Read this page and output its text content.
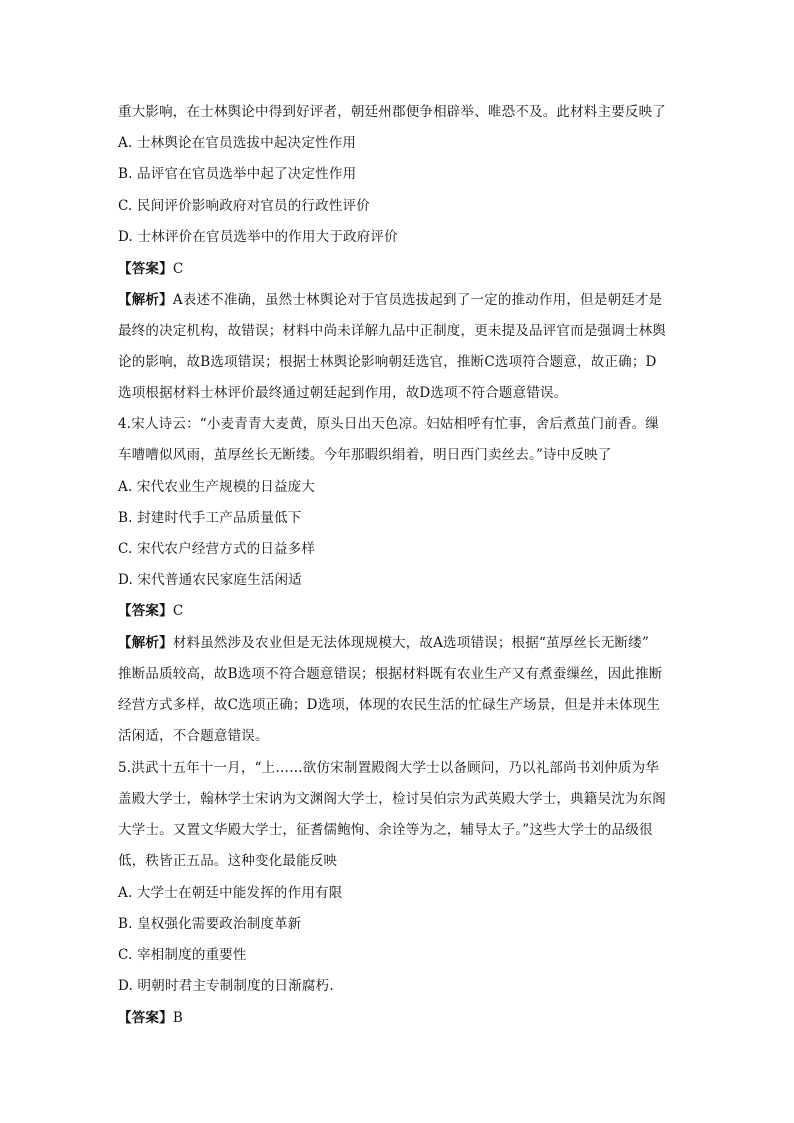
重大影响，在士林舆论中得到好评者，朝廷州郡便争相辟举、唯恐不及。此材料主要反映了
A. 士林舆论在官员选拔中起决定性作用
B. 品评官在官员选举中起了决定性作用
C. 民间评价影响政府对官员的行政性评价
D. 士林评价在官员选举中的作用大于政府评价
【答案】C
【解析】A表述不准确，虽然士林舆论对于官员选拔起到了一定的推动作用，但是朝廷才是
最终的决定机构，故错误；材料中尚未详解九品中正制度，更未提及品评官而是强调士林舆
论的影响，故B选项错误；根据士林舆论影响朝廷选官，推断C选项符合题意，故正确；D
选项根据材料士林评价最终通过朝廷起到作用，故D选项不符合题意错误。
4.宋人诗云：“小麦青青大麦黄，原头日出天色凉。妇姑相呼有忙事，舍后煮茧门前香。缫
车嘈嘈似风雨，茧厚丝长无断缕。今年那暇织绢着，明日西门卖丝去。”诗中反映了
A. 宋代农业生产规模的日益庞大
B. 封建时代手工产品质量低下
C. 宋代农户经营方式的日益多样
D. 宋代普通农民家庭生活闲适
【答案】C
【解析】材料虽然涉及农业但是无法体现规模大，故A选项错误；根据“茧厚丝长无断缕”
推断品质较高，故B选项不符合题意错误；根据材料既有农业生产又有煮蚕缫丝，因此推断
经营方式多样，故C选项正确；D选项，体现的农民生活的忙碌生产场景，但是并未体现生
活闲适，不合题意错误。
5.洪武十五年十一月，“上……欲仿宋制置殿阁大学士以备顾问，乃以礼部尚书刘仲质为华
盖殿大学士，翰林学士宋讷为文渊阁大学士，检讨吴伯宗为武英殿大学士，典籍吴沈为东阁
大学士。又置文华殿大学士，征耆儒鲍恂、余诠等为之，辅导太子。”这些大学士的品级很
低，秩皆正五品。这种变化最能反映
A. 大学士在朝廷中能发挥的作用有限
B. 皇权强化需要政治制度革新
C. 宰相制度的重要性
D. 明朝时君主专制制度的日渐腐朽.
【答案】B
